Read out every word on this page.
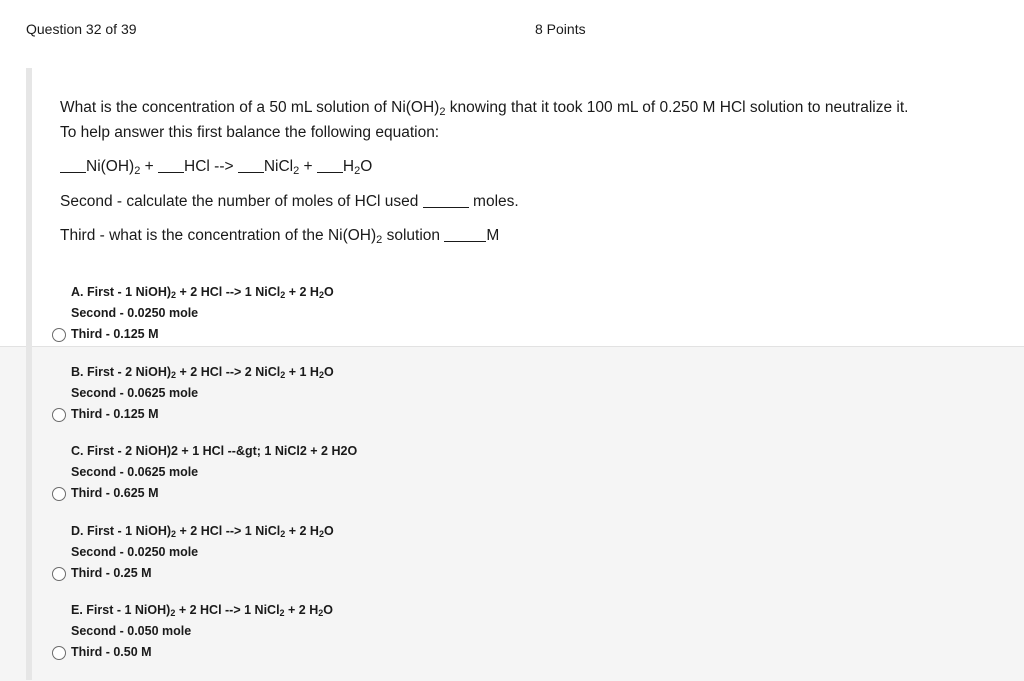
Question 32 of 39	8 Points
What is the concentration of a 50 mL solution of $Ni(OH)_2$ knowing that it took 100 mL of 0.250 M HCl solution to neutralize it.
To help answer this first balance the following equation:
$Ni(OH)_2$ + HCl --> NiCl$_2$ + $H_2O$
Second - calculate the number of moles of HCl used	moles.
Third - what is the concentration of the $Ni(OH)_2$ solution	M
A. First - 1 $NiOH)_2 + 2$ HCl --> 1 NiCl$_2$ + 2 $H_2O$
Second - 0.0250 mole
Third - 0.125 M
B. First - 2 $NiOH)_2 + 2$ HCl --> 2 NiCl$_2$ + 1 $H_2O$
Second - 0.0625 mole
Third - 0.125 M
C. First - 2 NiOH)2 + 1 HCl --&gt; 1 NiCl2 + 2 H2O
Second - 0.0625 mole
Third - 0.625 M
D. First - 1 $NiOH)_2 + 2$ HCl --> 1 NiCl$_2$ + 2 $H_2O$
Second - 0.0250 mole
Third - 0.25 M
E. First - 1 $NiOH)_2 + 2$ HCl --> 1 NiCl$_2$ + 2 $H_2O$
Second - 0.050 mole
Third - 0.50 M
